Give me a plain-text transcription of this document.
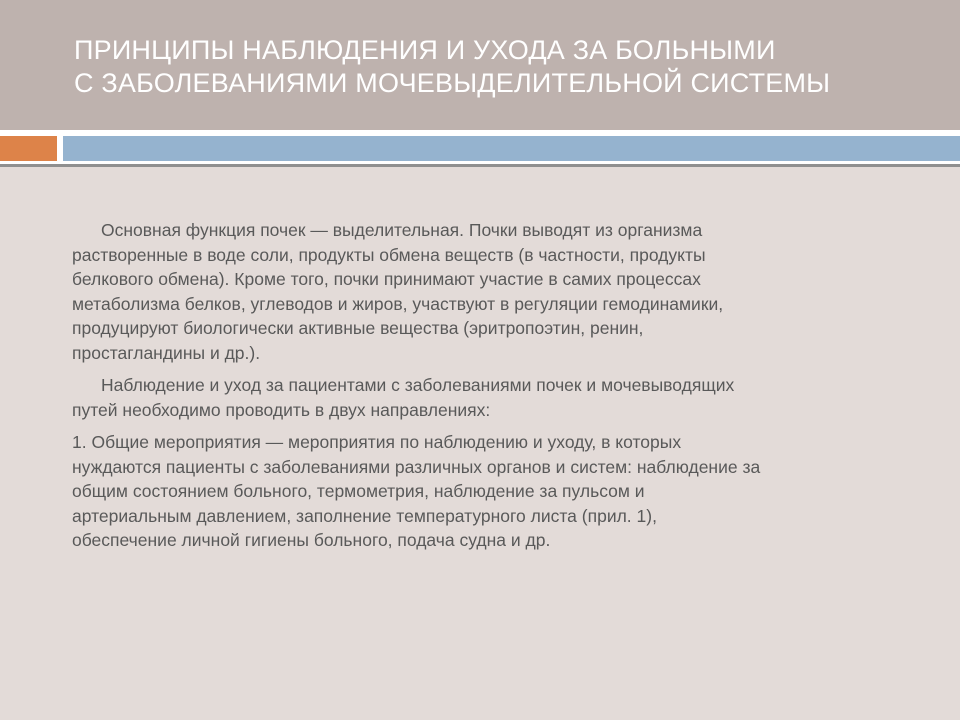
ПРИНЦИПЫ НАБЛЮДЕНИЯ И УХОДА ЗА БОЛЬНЫМИ
С ЗАБОЛЕВАНИЯМИ МОЧЕВЫДЕЛИТЕЛЬНОЙ СИСТЕМЫ

Основная функция почек — выделительная. Почки выводят из организма
растворенные в воде соли, продукты обмена веществ (в частности, продукты
белкового обмена). Кроме того, почки принимают участие в самих процессах
метаболизма белков, углеводов и жиров, участвуют в регуляции гемодинамики,
продуцируют биологически активные вещества (эритропоэтин, ренин,
простагландины и др.).

Наблюдение и уход за пациентами с заболеваниями почек и мочевыводящих
путей необходимо проводить в двух направлениях:

1. Общие мероприятия — мероприятия по наблюдению и уходу, в которых
нуждаются пациенты с заболеваниями различных органов и систем: наблюдение за
общим состоянием больного, термометрия, наблюдение за пульсом и
артериальным давлением, заполнение температурного листа (прил. 1),
обеспечение личной гигиены больного, подача судна и др.
